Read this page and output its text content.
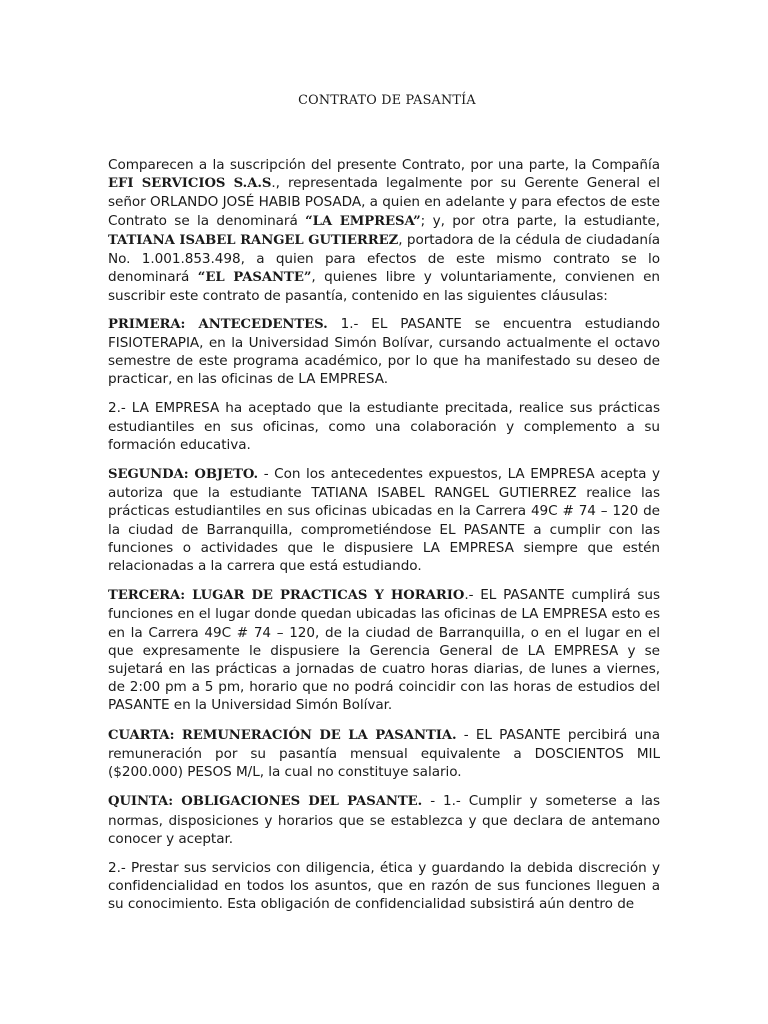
CONTRATO DE PASANTÍA

Comparecen a la suscripción del presente Contrato, por una parte, la Compañía EFI SERVICIOS S.A.S., representada legalmente por su Gerente General el señor ORLANDO JOSÉ HABIB POSADA, a quien en adelante y para efectos de este Contrato se la denominará “LA EMPRESA”; y, por otra parte, la estudiante, TATIANA ISABEL RANGEL GUTIERREZ, portadora de la cédula de ciudadanía No. 1.001.853.498, a quien para efectos de este mismo contrato se lo denominará “EL PASANTE”, quienes libre y voluntariamente, convienen en suscribir este contrato de pasantía, contenido en las siguientes cláusulas:

PRIMERA: ANTECEDENTES. 1.- EL PASANTE se encuentra estudiando FISIOTERAPIA, en la Universidad Simón Bolívar, cursando actualmente el octavo semestre de este programa académico, por lo que ha manifestado su deseo de practicar, en las oficinas de LA EMPRESA.

2.- LA EMPRESA ha aceptado que la estudiante precitada, realice sus prácticas estudiantiles en sus oficinas, como una colaboración y complemento a su formación educativa.

SEGUNDA: OBJETO. - Con los antecedentes expuestos, LA EMPRESA acepta y autoriza que la estudiante TATIANA ISABEL RANGEL GUTIERREZ realice las prácticas estudiantiles en sus oficinas ubicadas en la Carrera 49C # 74 – 120 de la ciudad de Barranquilla, comprometiéndose EL PASANTE a cumplir con las funciones o actividades que le dispusiere LA EMPRESA siempre que estén relacionadas a la carrera que está estudiando.

TERCERA: LUGAR DE PRACTICAS Y HORARIO.- EL PASANTE cumplirá sus funciones en el lugar donde quedan ubicadas las oficinas de LA EMPRESA esto es en la Carrera 49C # 74 – 120, de la ciudad de Barranquilla, o en el lugar en el que expresamente le dispusiere la Gerencia General de LA EMPRESA y se sujetará en las prácticas a jornadas de cuatro horas diarias, de lunes a viernes, de 2:00 pm a 5 pm, horario que no podrá coincidir con las horas de estudios del PASANTE en la Universidad Simón Bolívar.

CUARTA: REMUNERACIÓN DE LA PASANTIA. - EL PASANTE percibirá una remuneración por su pasantía mensual equivalente a DOSCIENTOS MIL ($200.000) PESOS M/L, la cual no constituye salario.

QUINTA: OBLIGACIONES DEL PASANTE. - 1.- Cumplir y someterse a las normas, disposiciones y horarios que se establezca y que declara de antemano conocer y aceptar.

2.- Prestar sus servicios con diligencia, ética y guardando la debida discreción y confidencialidad en todos los asuntos, que en razón de sus funciones lleguen a su conocimiento. Esta obligación de confidencialidad subsistirá aún dentro de
